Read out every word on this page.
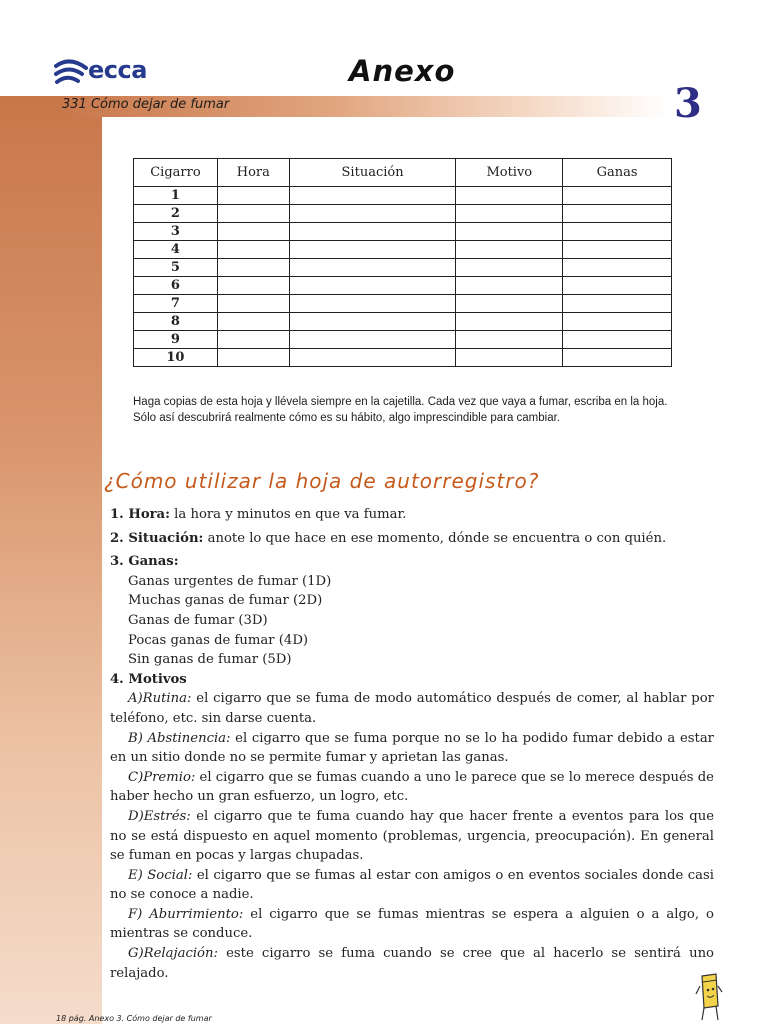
ecca	Anexo
3
331 Cómo dejar de fumar
Cigarro	Hora	Situación	Motivo	Ganas
1				
2				
3				
4				
5				
6				
7				
8				
9				
10				
Haga copias de esta hoja y llévela siempre en la cajetilla. Cada vez que vaya a fumar, escriba en la hoja. Sólo así descubrirá realmente cómo es su hábito, algo imprescindible para cambiar.
¿Cómo utilizar la hoja de autorregistro?

1. Hora: la hora y minutos en que va fumar.

2. Situación: anote lo que hace en ese momento, dónde se encuentra o con quién.

3. Ganas:

Ganas urgentes de fumar (1D)

Muchas ganas de fumar (2D)

Ganas de fumar (3D)

Pocas ganas de fumar (4D)

Sin ganas de fumar (5D)

4. Motivos

A)Rutina: el cigarro que se fuma de modo automático después de comer, al hablar por teléfono, etc. sin darse cuenta.

B) Abstinencia: el cigarro que se fuma porque no se lo ha podido fumar debido a estar en un sitio donde no se permite fumar y aprietan las ganas.

C)Premio: el cigarro que se fumas cuando a uno le parece que se lo merece después de haber hecho un gran esfuerzo, un logro, etc.

D)Estrés: el cigarro que te fuma cuando hay que hacer frente a eventos para los que no se está dispuesto en aquel momento (problemas, urgencia, preocupación). En general se fuman en pocas y largas chupadas.

E) Social: el cigarro que se fumas al estar con amigos o en eventos sociales donde casi no se conoce a nadie.

F) Aburrimiento: el cigarro que se fumas mientras se espera a alguien o a algo, o mientras se conduce.

G)Relajación: este cigarro se fuma cuando se cree que al hacerlo se sentirá uno relajado.

18 pág. Anexo 3. Cómo dejar de fumar
